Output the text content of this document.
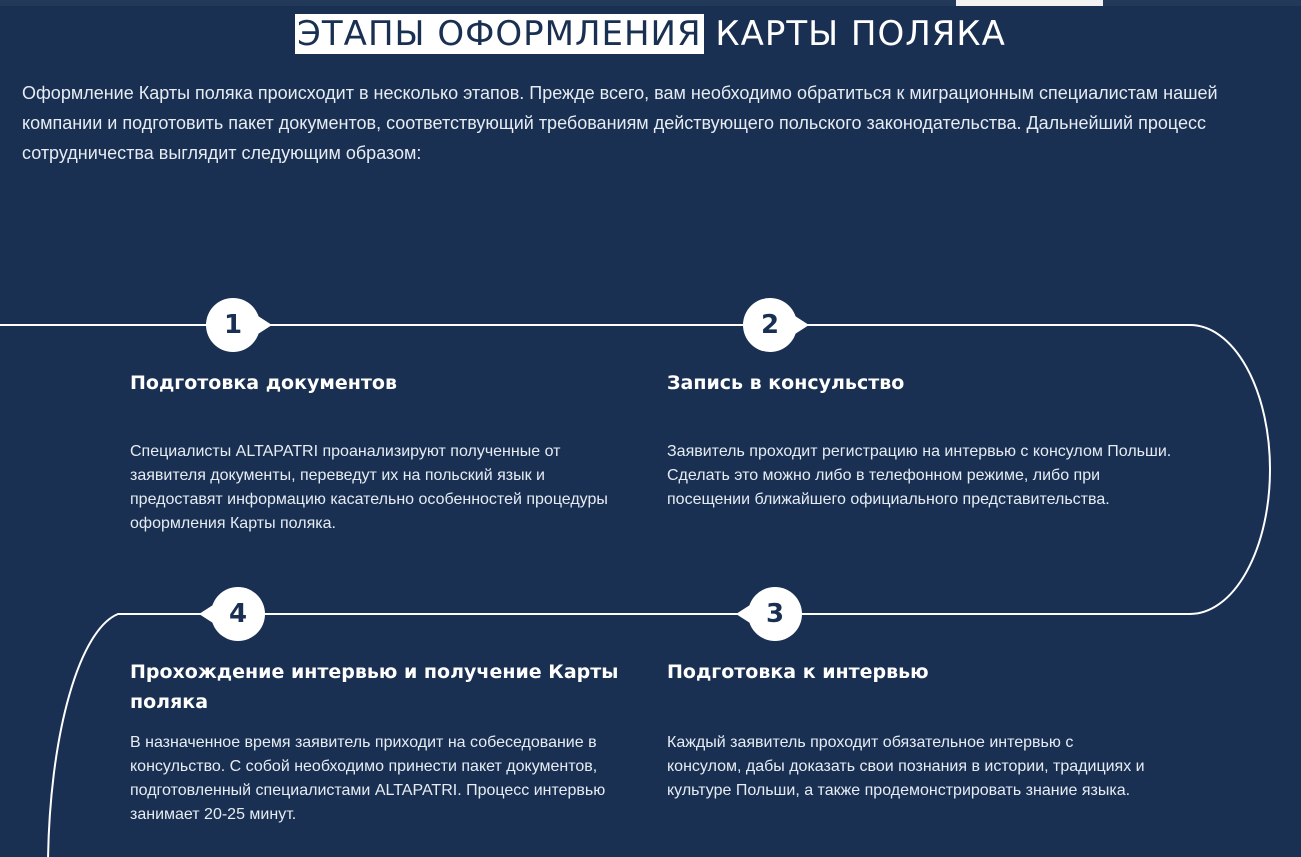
ЭТАПЫ ОФОРМЛЕНИЯ КАРТЫ ПОЛЯКА

Оформление Карты поляка происходит в несколько этапов. Прежде всего, вам необходимо обратиться к миграционным специалистам нашей компании и подготовить пакет документов, соответствующий требованиям действующего польского законодательства. Дальнейший процесс сотрудничества выглядит следующим образом:

1
Подготовка документов

Специалисты ALTAPATRI проанализируют полученные от заявителя документы, переведут их на польский язык и предоставят информацию касательно особенностей процедуры оформления Карты поляка.

2
Запись в консульство

Заявитель проходит регистрацию на интервью с консулом Польши. Сделать это можно либо в телефонном режиме, либо при посещении ближайшего официального представительства.

4
Прохождение интервью и получение Карты поляка

В назначенное время заявитель приходит на собеседование в консульство. С собой необходимо принести пакет документов, подготовленный специалистами ALTAPATRI. Процесс интервью занимает 20-25 минут.

3
Подготовка к интервью

Каждый заявитель проходит обязательное интервью с консулом, дабы доказать свои познания в истории, традициях и культуре Польши, а также продемонстрировать знание языка.
